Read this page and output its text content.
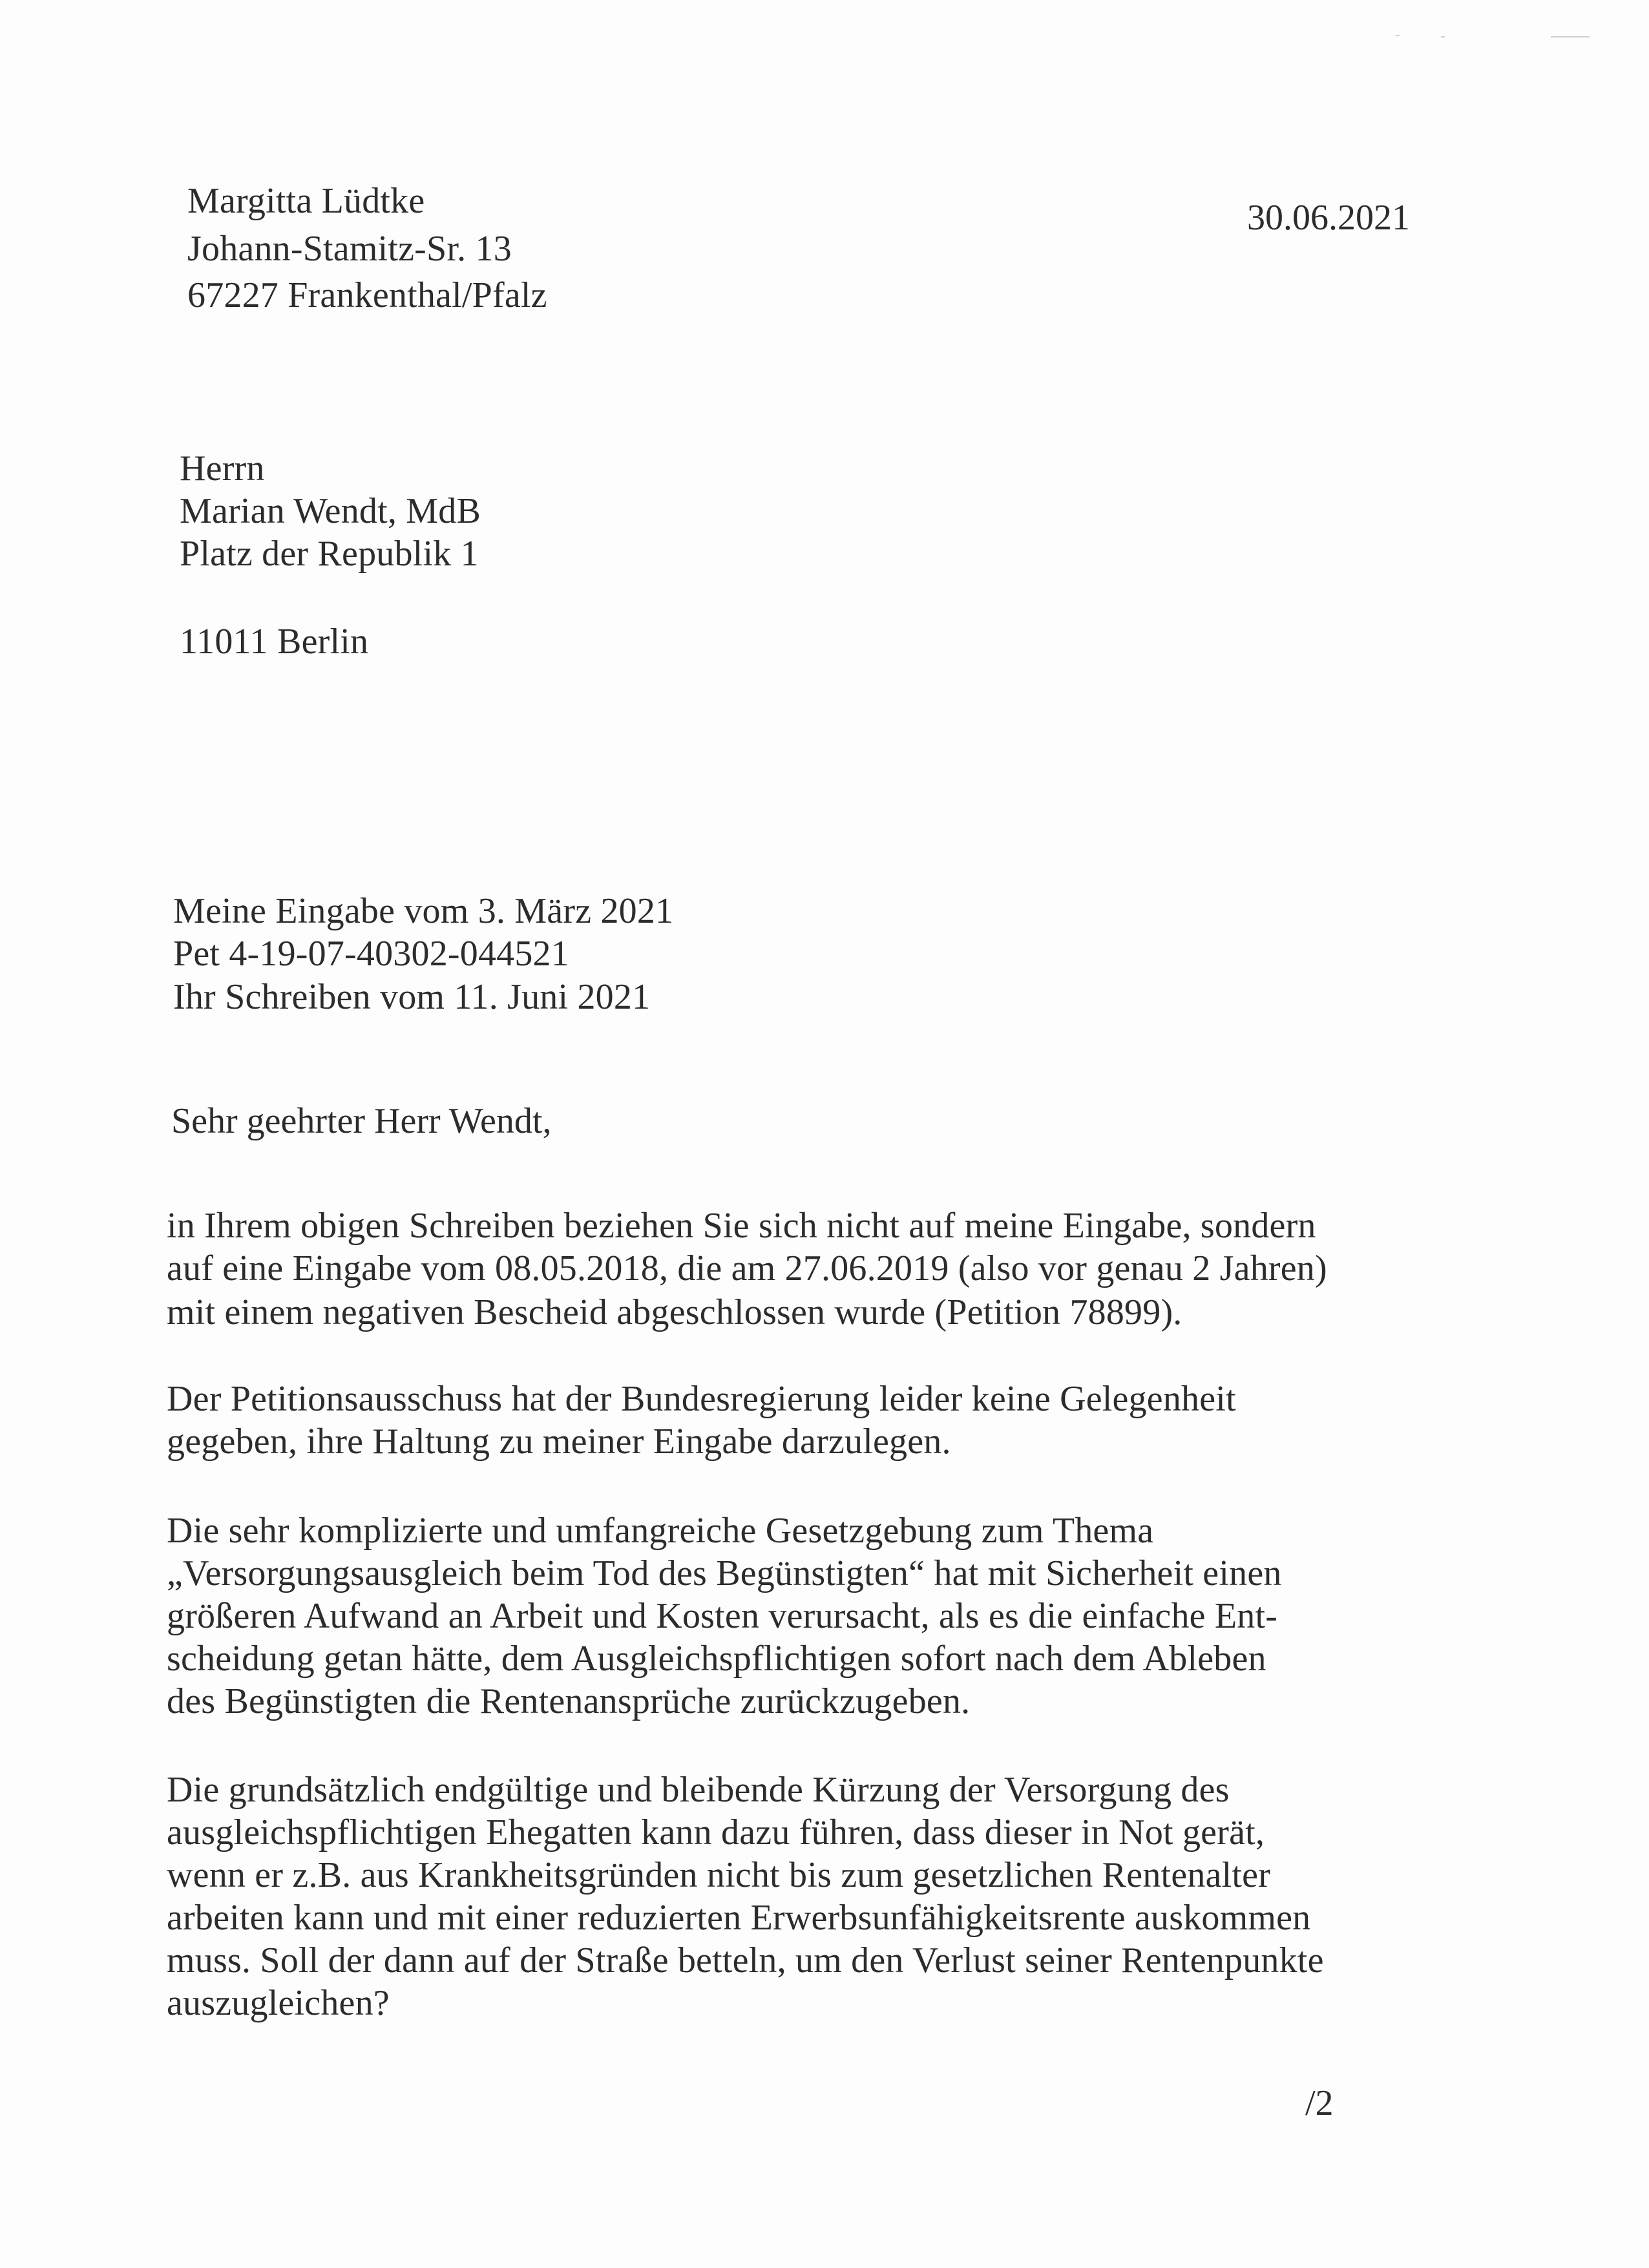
Margitta Lüdtke
Johann-Stamitz-Sr. 13
67227 Frankenthal/Pfalz
30.06.2021
Herrn
Marian Wendt, MdB
Platz der Republik 1
11011 Berlin
Meine Eingabe vom 3. März 2021
Pet 4-19-07-40302-044521
Ihr Schreiben vom 11. Juni 2021
Sehr geehrter Herr Wendt,
in Ihrem obigen Schreiben beziehen Sie sich nicht auf meine Eingabe, sondern
auf eine Eingabe vom 08.05.2018, die am 27.06.2019 (also vor genau 2 Jahren)
mit einem negativen Bescheid abgeschlossen wurde (Petition 78899).
Der Petitionsausschuss hat der Bundesregierung leider keine Gelegenheit
gegeben, ihre Haltung zu meiner Eingabe darzulegen.
Die sehr komplizierte und umfangreiche Gesetzgebung zum Thema
„Versorgungsausgleich beim Tod des Begünstigten“ hat mit Sicherheit einen
größeren Aufwand an Arbeit und Kosten verursacht, als es die einfache Ent-
scheidung getan hätte, dem Ausgleichspflichtigen sofort nach dem Ableben
des Begünstigten die Rentenansprüche zurückzugeben.
Die grundsätzlich endgültige und bleibende Kürzung der Versorgung des
ausgleichspflichtigen Ehegatten kann dazu führen, dass dieser in Not gerät,
wenn er z.B. aus Krankheitsgründen nicht bis zum gesetzlichen Rentenalter
arbeiten kann und mit einer reduzierten Erwerbsunfähigkeitsrente auskommen
muss. Soll der dann auf der Straße betteln, um den Verlust seiner Rentenpunkte
auszugleichen?
/2
